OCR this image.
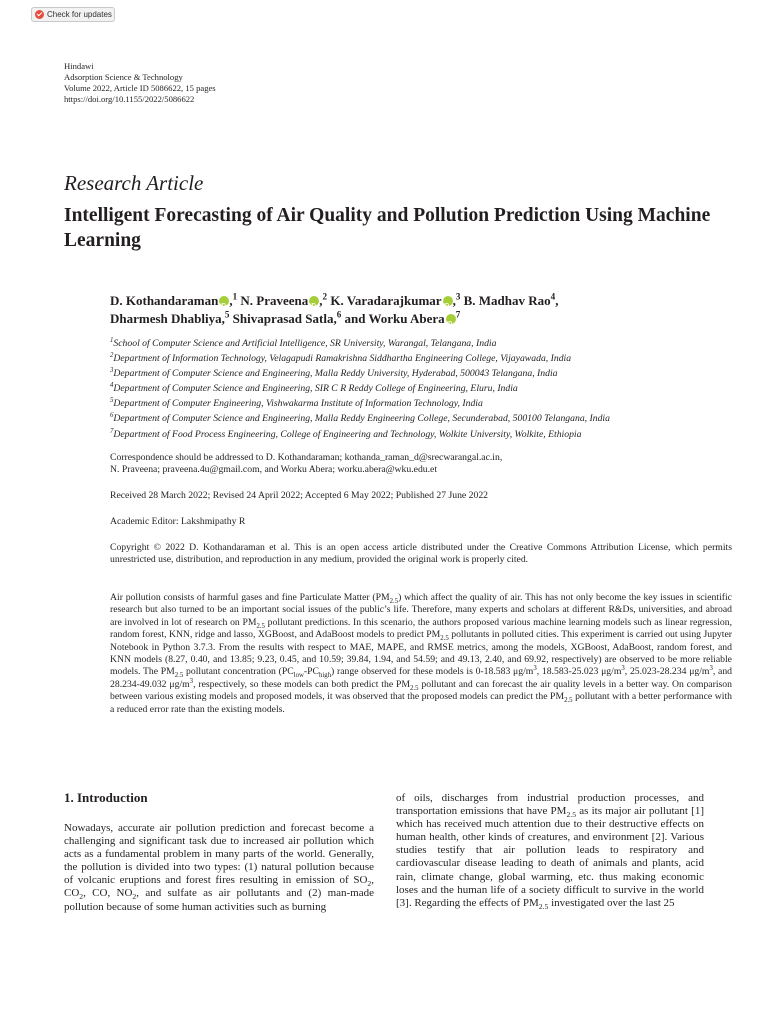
Check for updates
Hindawi
Adsorption Science & Technology
Volume 2022, Article ID 5086622, 15 pages
https://doi.org/10.1155/2022/5086622
Research Article
Intelligent Forecasting of Air Quality and Pollution Prediction Using Machine Learning
D. Kothandaraman iD ,$^1$ N. Praveena iD ,$^2$ K. Varadarajkumar iD ,$^3$ B. Madhav Rao$^4$,
Dharmesh Dhabliya,$^5$ Shivaprasad Satla,$^6$ and Worku Abera iD $^7$
$^1$School of Computer Science and Artificial Intelligence, SR University, Warangal, Telangana, India
$^2$Department of Information Technology, Velagapudi Ramakrishna Siddhartha Engineering College, Vijayawada, India
$^3$Department of Computer Science and Engineering, Malla Reddy University, Hyderabad, 500043 Telangana, India
$^4$Department of Computer Science and Engineering, SIR C R Reddy College of Engineering, Eluru, India
$^5$Department of Computer Engineering, Vishwakarma Institute of Information Technology, India
$^6$Department of Computer Science and Engineering, Malla Reddy Engineering College, Secunderabad, 500100 Telangana, India
$^7$Department of Food Process Engineering, College of Engineering and Technology, Wolkite University, Wolkite, Ethiopia
Correspondence should be addressed to D. Kothandaraman; kothanda_raman_d@srecwarangal.ac.in,
N. Praveena; praveena.4u@gmail.com, and Worku Abera; worku.abera@wku.edu.et
Received 28 March 2022; Revised 24 April 2022; Accepted 6 May 2022; Published 27 June 2022
Academic Editor: Lakshmipathy R
Copyright © 2022 D. Kothandaraman et al. This is an open access article distributed under the Creative Commons Attribution License, which permits unrestricted use, distribution, and reproduction in any medium, provided the original work is properly cited.
Air pollution consists of harmful gases and fine Particulate Matter $(PM_{2.5})$ which affect the quality of air. This has not only become the key issues in scientific research but also turned to be an important social issues of the public’s life. Therefore, many experts and scholars at different R&Ds, universities, and abroad are involved in lot of research on $PM_{2.5}$ pollutant predictions. In this scenario, the authors proposed various machine learning models such as linear regression, random forest, KNN, ridge and lasso, XGBoost, and AdaBoost models to predict $PM_{2.5}$ pollutants in polluted cities. This experiment is carried out using Jupyter Notebook in Python 3.7.3. From the results with respect to MAE, MAPE, and RMSE metrics, among the models, XGBoost, AdaBoost, random forest, and KNN models (8.27, 0.40, and 13.85; 9.23, 0.45, and 10.59; 39.84, 1.94, and 54.59; and 49.13, 2.40, and 69.92, respectively) are observed to be more reliable models. The $PM_{2.5}$ pollutant concentration $(PC_{low}-PC_{high})$ range observed for these models is 0-18.583 $\mu g/m^3$, 18.583-25.023 $\mu g/m^3$, 25.023-28.234 $\mu g/m^3$, and 28.234-49.032 $\mu g/m^3$, respectively, so these models can both predict the $PM_{2.5}$ pollutant and can forecast the air quality levels in a better way. On comparison between various existing models and proposed models, it was observed that the proposed models can predict the $PM_{2.5}$ pollutant with a better performance with a reduced error rate than the existing models.
1. Introduction
Nowadays, accurate air pollution prediction and forecast become a challenging and significant task due to increased air pollution which acts as a fundamental problem in many parts of the world. Generally, the pollution is divided into two types: (1) natural pollution because of volcanic eruptions and forest fires resulting in emission of $SO_2$, $CO_2$, CO, $NO_2$, and sulfate as air pollutants and (2) man-made pollution because of some human activities such as burning
of oils, discharges from industrial production processes, and transportation emissions that have $PM_{2.5}$ as its major air pollutant [1] which has received much attention due to their destructive effects on human health, other kinds of creatures, and environment [2]. Various studies testify that air pollution leads to respiratory and cardiovascular disease leading to death of animals and plants, acid rain, climate change, global warming, etc. thus making economic loses and the human life of a society difficult to survive in the world [3]. Regarding the effects of $PM_{2.5}$ investigated over the last 25
